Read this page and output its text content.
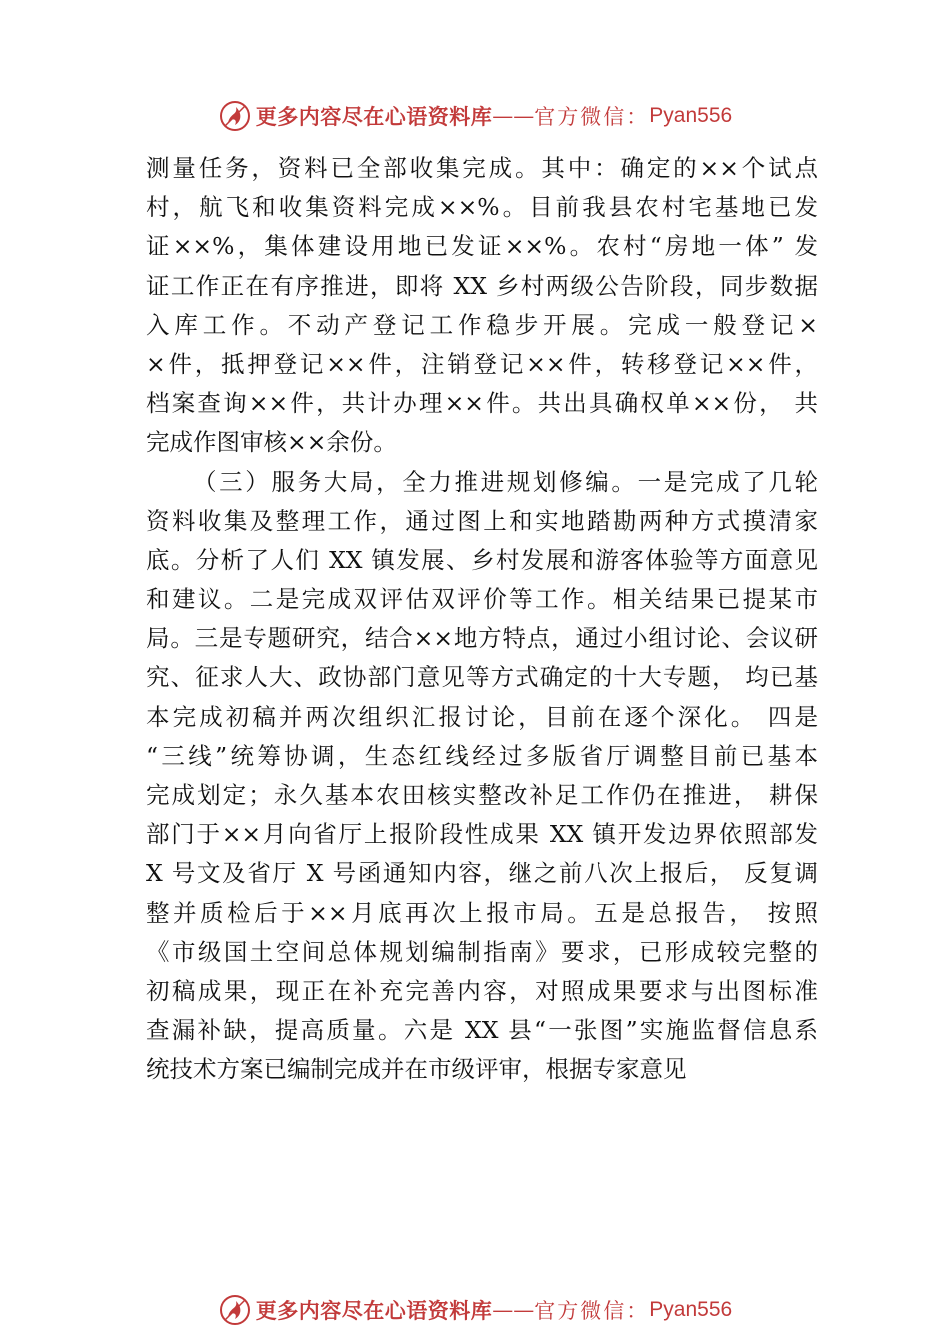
更多内容尽在心语资料库 —— 官方微信： Pyan556
测量任务，资料已全部收集完成。其中：确定的××个试点
村，航飞和收集资料完成××%。目前我县农村宅基地已发
证××%，集体建设用地已发证××%。农村“房地一体” 发
证工作正在有序推进，即将 XX 乡村两级公告阶段，同步数据
入库工作。不动产登记工作稳步开展。完成一般登记×
×件，抵押登记××件，注销登记××件，转移登记××件，
档案查询××件，共计办理××件。共出具确权单××份， 共
完成作图审核××余份。
（三）服务大局，全力推进规划修编。一是完成了几轮
资料收集及整理工作，通过图上和实地踏勘两种方式摸清家
底。分析了人们 XX 镇发展、乡村发展和游客体验等方面意见
和建议。二是完成双评估双评价等工作。相关结果已提某市
局。三是专题研究，结合××地方特点，通过小组讨论、会议研
究、征求人大、政协部门意见等方式确定的十大专题， 均已基
本完成初稿并两次组织汇报讨论，目前在逐个深化。 四是
“三线”统筹协调，生态红线经过多版省厅调整目前已基本
完成划定；永久基本农田核实整改补足工作仍在推进， 耕保
部门于××月向省厅上报阶段性成果 XX 镇开发边界依照部发
X 号文及省厅 X 号函通知内容，继之前八次上报后， 反复调
整并质检后于××月底再次上报市局。五是总报告， 按照
《市级国土空间总体规划编制指南》要求，已形成较完整的
初稿成果，现正在补充完善内容，对照成果要求与出图标准
查漏补缺，提高质量。六是 XX 县“一张图”实施监督信息系
统技术方案已编制完成并在市级评审，根据专家意见
更多内容尽在心语资料库 —— 官方微信： Pyan556
